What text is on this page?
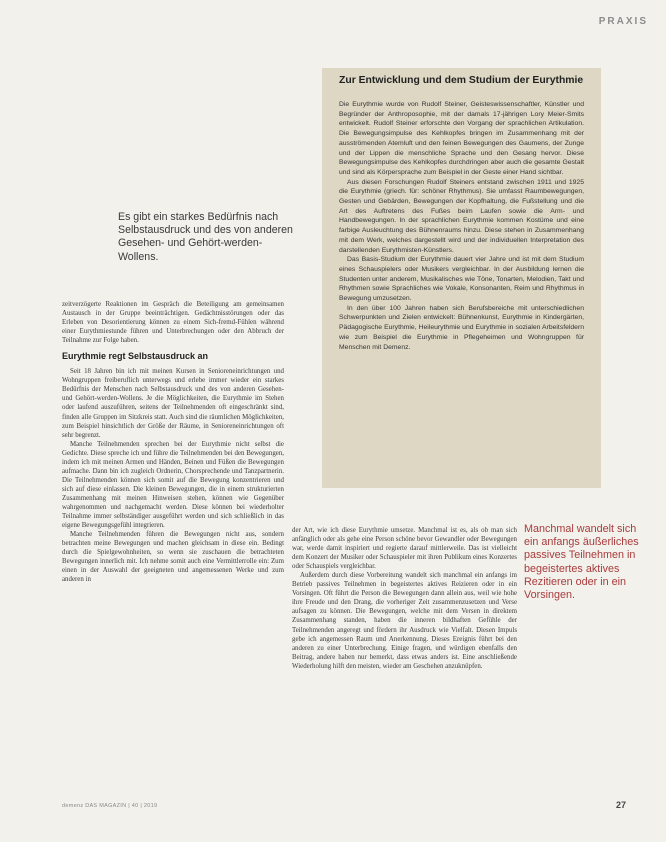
PRAXIS
Es gibt ein starkes Bedürfnis nach Selbstausdruck und des von anderen Gesehen- und Gehört-werden-Wollens.

zeitverzögerte Reaktionen im Gespräch die Beteiligung am gemeinsamen Austausch in der Gruppe beeinträchtigen. Gedächtnisstörungen oder das Erleben von Desorientierung können zu einem Sich-fremd-Fühlen während einer Eurythmiestunde führen und Unterbrechungen oder den Abbruch der Teilnahme zur Folge haben.

Eurythmie regt Selbstausdruck an

Seit 18 Jahren bin ich mit meinen Kursen in Senioreneinrichtungen und Wohngruppen freiberuflich unterwegs und erlebe immer wieder ein starkes Bedürfnis der Menschen nach Selbstausdruck und des von anderen Gesehen- und Gehört-werden-Wollens. Je die Möglichkeiten, die Eurythmie im Stehen oder laufend auszuführen, seitens der Teilnehmenden oft eingeschränkt sind, finden alle Gruppen im Sitzkreis statt. Auch sind die räumlichen Möglichkeiten, zum Beispiel hinsichtlich der Größe der Räume, in Senioreneinrichtungen oft sehr begrenzt.

Manche Teilnehmenden sprechen bei der Eurythmie nicht selbst die Gedichte. Diese spreche ich und führe die Teilnehmenden bei den Bewegungen, indem ich mit meinen Armen und Händen, Beinen und Füßen die Bewegungen aufmache. Dann bin ich zugleich Ordnerin, Chorsprechende und Tanzpartnerin. Die Teilnehmenden können sich somit auf die Bewegung konzentrieren und sich auf diese einlassen. Die kleinen Bewegungen, die in einem strukturierten Zusammenhang mit meinen Hinweisen stehen, können wie Gegenüber wahrgenommen und nachgemacht werden. Diese können bei wiederholter Teilnahme immer selbständiger ausgeführt werden und sich schließlich in das eigene Bewegungsgefühl integrieren.

Manche Teilnehmenden führen die Bewegungen nicht aus, sondern betrachten meine Bewegungen und machen gleichsam in diese ein. Bedingt durch die Spielgewohnheiten, so wenn sie zuschauen die betrachteten Bewegungen innerlich mit. Ich nehme somit auch eine Vermittlerrolle ein: Zum einen in der Auswahl der geeigneten und angemessenen Werke und zum anderen in

Zur Entwicklung und dem Studium der Eurythmie

Die Eurythmie wurde von Rudolf Steiner, Geisteswissenschaftler, Künstler und Begründer der Anthroposophie, mit der damals 17-jährigen Lory Meier-Smits entwickelt. Rudolf Steiner erforschte den Vorgang der sprachlichen Artikulation. Die Bewegungsimpulse des Kehlkopfes bringen im Zusammenhang mit der ausströmenden Atemluft und den feinen Bewegungen des Gaumens, der Zunge und der Lippen die menschliche Sprache und den Gesang hervor. Diese Bewegungsimpulse des Kehlkopfes durchdringen aber auch die gesamte Gestalt und sind als Körpersprache zum Beispiel in der Geste einer Hand sichtbar.

Aus diesen Forschungen Rudolf Steiners entstand zwischen 1911 und 1925 die Eurythmie (griech. für: schöner Rhythmus). Sie umfasst Raumbewegungen, Gesten und Gebärden, Bewegungen der Kopfhaltung, die Fußstellung und die Art des Auftretens des Fußes beim Laufen sowie die Arm- und Handbewegungen. In der sprachlichen Eurythmie kommen Kostüme und eine farbige Ausleuchtung des Bühnenraums hinzu. Diese stehen in Zusammenhang mit dem Werk, welches dargestellt wird und der individuellen Interpretation des darstellenden Eurythmisten-Künstlers.

Das Basis-Studium der Eurythmie dauert vier Jahre und ist mit dem Studium eines Schauspielers oder Musikers vergleichbar. In der Ausbildung lernen die Studenten unter anderem, Musikalisches wie Töne, Tonarten, Melodien, Takt und Rhythmen sowie Sprachliches wie Vokale, Konsonanten, Reim und Rhythmus in Bewegung umzusetzen.

In den über 100 Jahren haben sich Berufsbereiche mit unterschiedlichen Schwerpunkten und Zielen entwickelt: Bühnenkunst, Eurythmie in Kindergärten, Pädagogische Eurythmie, Heileurythmie und Eurythmie in sozialen Arbeitsfeldern wie zum Beispiel die Eurythmie in Pflegeheimen und Wohngruppen für Menschen mit Demenz.

der Art, wie ich diese Eurythmie umsetze. Manchmal ist es, als ob man sich anfänglich oder als gehe eine Person schöne bevor Gewandler oder Bewegungen war, werde damit inspiriert und regierte darauf mittlerweile. Das ist vielleicht dem Konzert der Musiker oder Schauspieler mit ihren Publikum eines Konzertes oder Schauspiels vergleichbar.

Außerdem durch diese Vorbereitung wandelt sich manchmal ein anfangs im Betrieb passives Teilnehmen in begeistertes aktives Reizieren oder in ein Vorsingen. Oft führt die Person die Bewegungen dann allein aus, weil wie hohe ihre Freude und den Drang, die vorheriger Zeit zusammenzusetzen und Verse aufsagen zu können. Die Bewegungen, welche mit dem Versen in direktem Zusammenhang standen, haben die inneren bildhaften Gefühle der Teilnehmenden angeregt und fördern ihr Ausdruck wie Vielfalt. Diesen Impuls gebe ich angemessen Raum und Anerkennung. Dieses Ereignis führt bei den anderen zu einer Unterbrechung. Einige fragen, und würdigen ebenfalls den Beitrag, andere haben nur bemerkt, dass etwas anders ist. Eine anschließende Wiederholung hilft den meisten, wieder am Geschehen anzuknüpfen.

Manchmal wandelt sich ein anfangs äußerliches passives Teilnehmen in begeistertes aktives Rezitieren oder in ein Vorsingen.
demenz DAS MAGAZIN | 40 | 2019	27
